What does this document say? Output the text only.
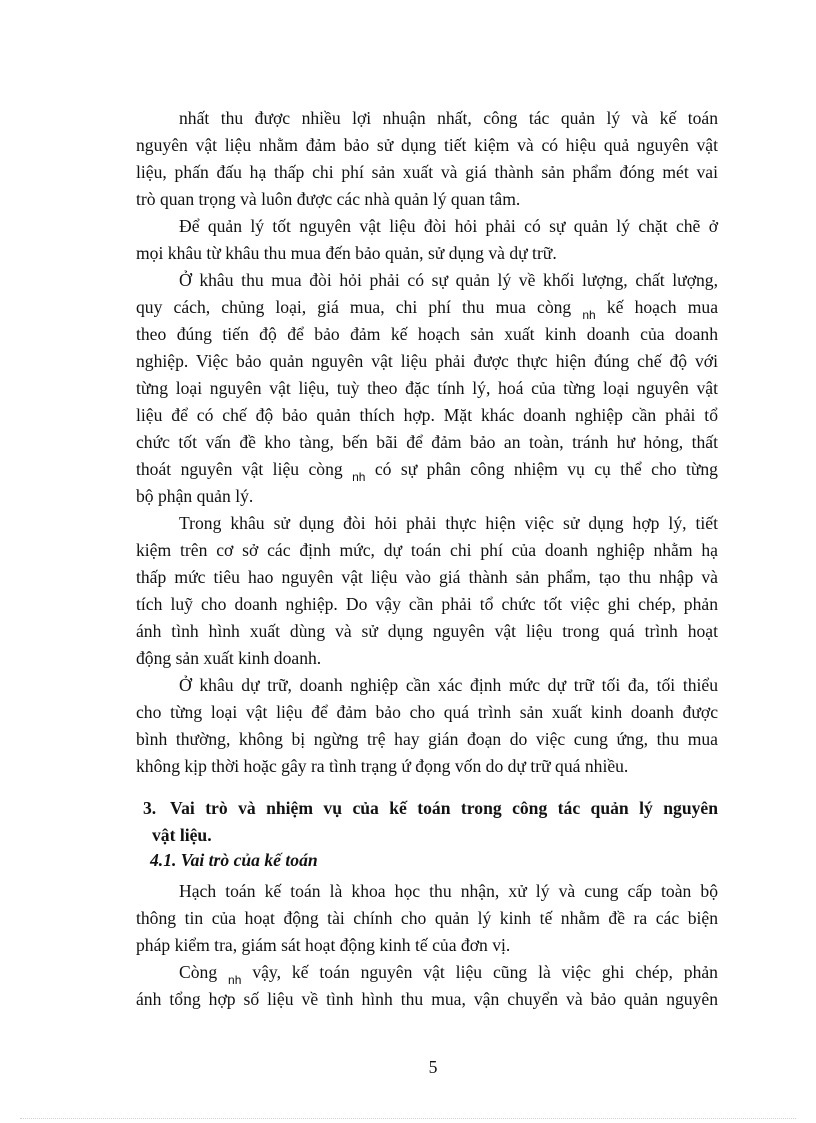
nhất thu được nhiều lợi nhuận nhất, công tác quản lý và kế toán
nguyên vật liệu nhằm đảm bảo sử dụng tiết kiệm và có hiệu quả nguyên vật
liệu, phấn đấu hạ thấp chi phí sản xuất và giá thành sản phẩm đóng mét vai
trò quan trọng và luôn được các nhà quản lý quan tâm.
Để quản lý tốt nguyên vật liệu đòi hỏi phải có sự quản lý chặt chẽ ở
mọi khâu từ khâu thu mua đến bảo quản, sử dụng và dự trữ.
Ở khâu thu mua đòi hỏi phải có sự quản lý về khối lượng, chất lượng,
quy cách, chủng loại, giá mua, chi phí thu mua còng $_{nh}$ kế hoạch mua
theo đúng tiến độ để bảo đảm kế hoạch sản xuất kinh doanh của doanh
nghiệp. Việc bảo quản nguyên vật liệu phải được thực hiện đúng chế độ với
từng loại nguyên vật liệu, tuỳ theo đặc tính lý, hoá của từng loại nguyên vật
liệu để có chế độ bảo quản thích hợp. Mặt khác doanh nghiệp cần phải tổ
chức tốt vấn đề kho tàng, bến bãi để đảm bảo an toàn, tránh hư hỏng, thất
thoát nguyên vật liệu còng $_{nh}$ có sự phân công nhiệm vụ cụ thể cho từng
bộ phận quản lý.
Trong khâu sử dụng đòi hỏi phải thực hiện việc sử dụng hợp lý, tiết
kiệm trên cơ sở các định mức, dự toán chi phí của doanh nghiệp nhằm hạ
thấp mức tiêu hao nguyên vật liệu vào giá thành sản phẩm, tạo thu nhập và
tích luỹ cho doanh nghiệp. Do vậy cần phải tổ chức tốt việc ghi chép, phản
ánh tình hình xuất dùng và sử dụng nguyên vật liệu trong quá trình hoạt
động sản xuất kinh doanh.
Ở khâu dự trữ, doanh nghiệp cần xác định mức dự trữ tối đa, tối thiểu
cho từng loại vật liệu để đảm bảo cho quá trình sản xuất kinh doanh được
bình thường, không bị ngừng trệ hay gián đoạn do việc cung ứng, thu mua
không kịp thời hoặc gây ra tình trạng ứ đọng vốn do dự trữ quá nhiều.
3. Vai trò và nhiệm vụ của kế toán trong công tác quản lý nguyên
vật liệu.
4.1. Vai trò của kế toán
Hạch toán kế toán là khoa học thu nhận, xử lý và cung cấp toàn bộ
thông tin của hoạt động tài chính cho quản lý kinh tế nhằm đề ra các biện
pháp kiểm tra, giám sát hoạt động kinh tế của đơn vị.
Còng $_{nh}$ vậy, kế toán nguyên vật liệu cũng là việc ghi chép, phản
ánh tổng hợp số liệu về tình hình thu mua, vận chuyển và bảo quản nguyên
5
